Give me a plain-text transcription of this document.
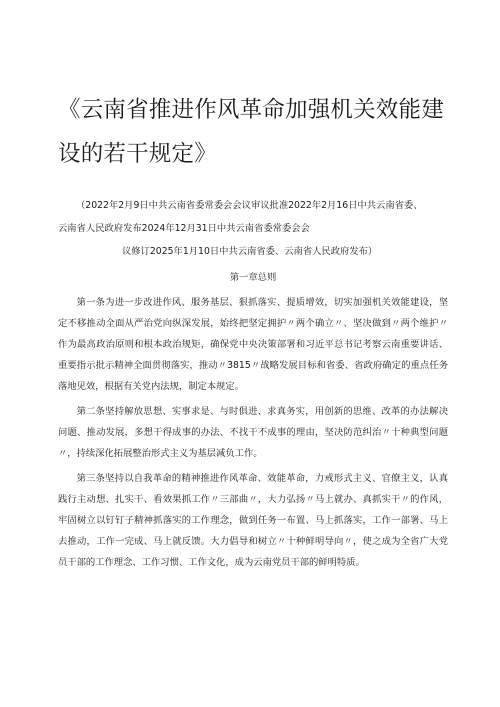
《云南省推进作风革命加强机关效能建设的若干规定》

（2022年2月9日中共云南省委常委会会议审议批准2022年2月16日中共云南省委、

云南省人民政府发布2024年12月31日中共云南省委常委会会

议修订2025年1月10日中共云南省委、云南省人民政府发布）

第一章总则

第一条为进一步改进作风、服务基层、狠抓落实、提质增效，切实加强机关效能建设，坚定不移推动全面从严治党向纵深发展，始终把坚定拥护〃两个确立〃、坚决做到〃两个维护〃作为最高政治原则和根本政治规矩，确保党中央决策部署和习近平总书记考察云南重要讲话、重要指示批示精神全面贯彻落实，推动〃3815〃战略发展目标和省委、省政府确定的重点任务落地见效，根据有关党内法规，制定本规定。

第二条坚持解放思想、实事求是、与时俱进、求真务实，用创新的思维、改革的办法解决问题、推动发展，多想干得成事的办法、不找干不成事的理由，坚决防范纠治〃十种典型问题〃，持续深化拓展整治形式主义为基层减负工作。

第三条坚持以自我革命的精神推进作风革命、效能革命，力戒形式主义、官僚主义，认真践行主动想、扎实干、看效果抓工作〃三部曲〃，大力弘扬〃马上就办、真抓实干〃的作风，牢固树立以钉钉子精神抓落实的工作理念，做到任务一布置、马上抓落实，工作一部署、马上去推动，工作一完成、马上就反馈。大力倡导和树立〃十种鲜明导向〃，使之成为全省广大党员干部的工作理念、工作习惯、工作文化，成为云南党员干部的鲜明特质。
